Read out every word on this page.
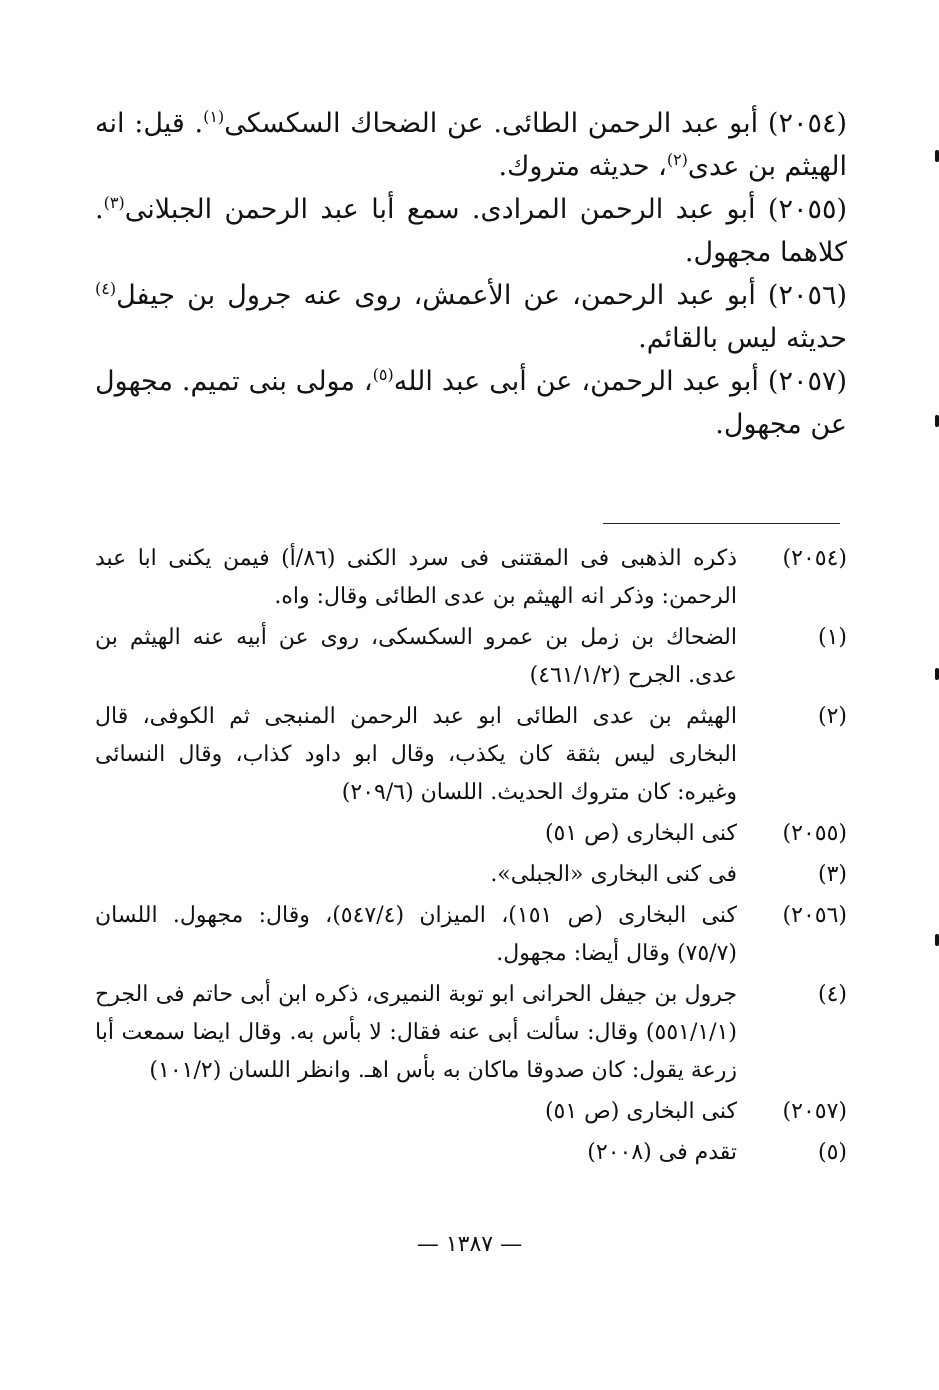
(٢٠٥٤) أبو عبد الرحمن الطائى. عن الضحاك السكسكى$^{(١)}$. قيل: انه الهيثم بن عدى$^{(٢)}$، حديثه متروك.

(٢٠٥٥) أبو عبد الرحمن المرادى. سمع أبا عبد الرحمن الجبلانى$^{(٣)}$. كلاهما مجهول.

(٢٠٥٦) أبو عبد الرحمن، عن الأعمش، روى عنه جرول بن جيفل$^{(٤)}$ حديثه ليس بالقائم.

(٢٠٥٧) أبو عبد الرحمن، عن أبى عبد الله$^{(٥)}$، مولى بنى تميم. مجهول عن مجهول.

(٢٠٥٤)
ذكره الذهبى فى المقتنى فى سرد الكنى (٨٦/أ) فيمن يكنى ابا عبد الرحمن: وذكر انه الهيثم بن عدى الطائى وقال: واه.
(١)
الضحاك بن زمل بن عمرو السكسكى، روى عن أبيه عنه الهيثم بن عدى. الجرح (٤٦١/١/٢)
(٢)
الهيثم بن عدى الطائى ابو عبد الرحمن المنبجى ثم الكوفى، قال البخارى ليس بثقة كان يكذب، وقال ابو داود كذاب، وقال النسائى وغيره: كان متروك الحديث. اللسان (٢٠٩/٦)
(٢٠٥٥)
كنى البخارى (ص ٥١)
(٣)
فى كنى البخارى «الجبلى».
(٢٠٥٦)
كنى البخارى (ص ١٥١)، الميزان (٥٤٧/٤)، وقال: مجهول. اللسان (٧٥/٧) وقال أيضا: مجهول.
(٤)
جرول بن جيفل الحرانى ابو توبة النميرى، ذكره ابن أبى حاتم فى الجرح (٥٥١/١/١) وقال: سألت أبى عنه فقال: لا بأس به. وقال ايضا سمعت أبا زرعة يقول: كان صدوقا ماكان به بأس اهـ. وانظر اللسان (١٠١/٢)
(٢٠٥٧)
كنى البخارى (ص ٥١)
(٥)
تقدم فى (٢٠٠٨)
— ١٣٨٧ —
